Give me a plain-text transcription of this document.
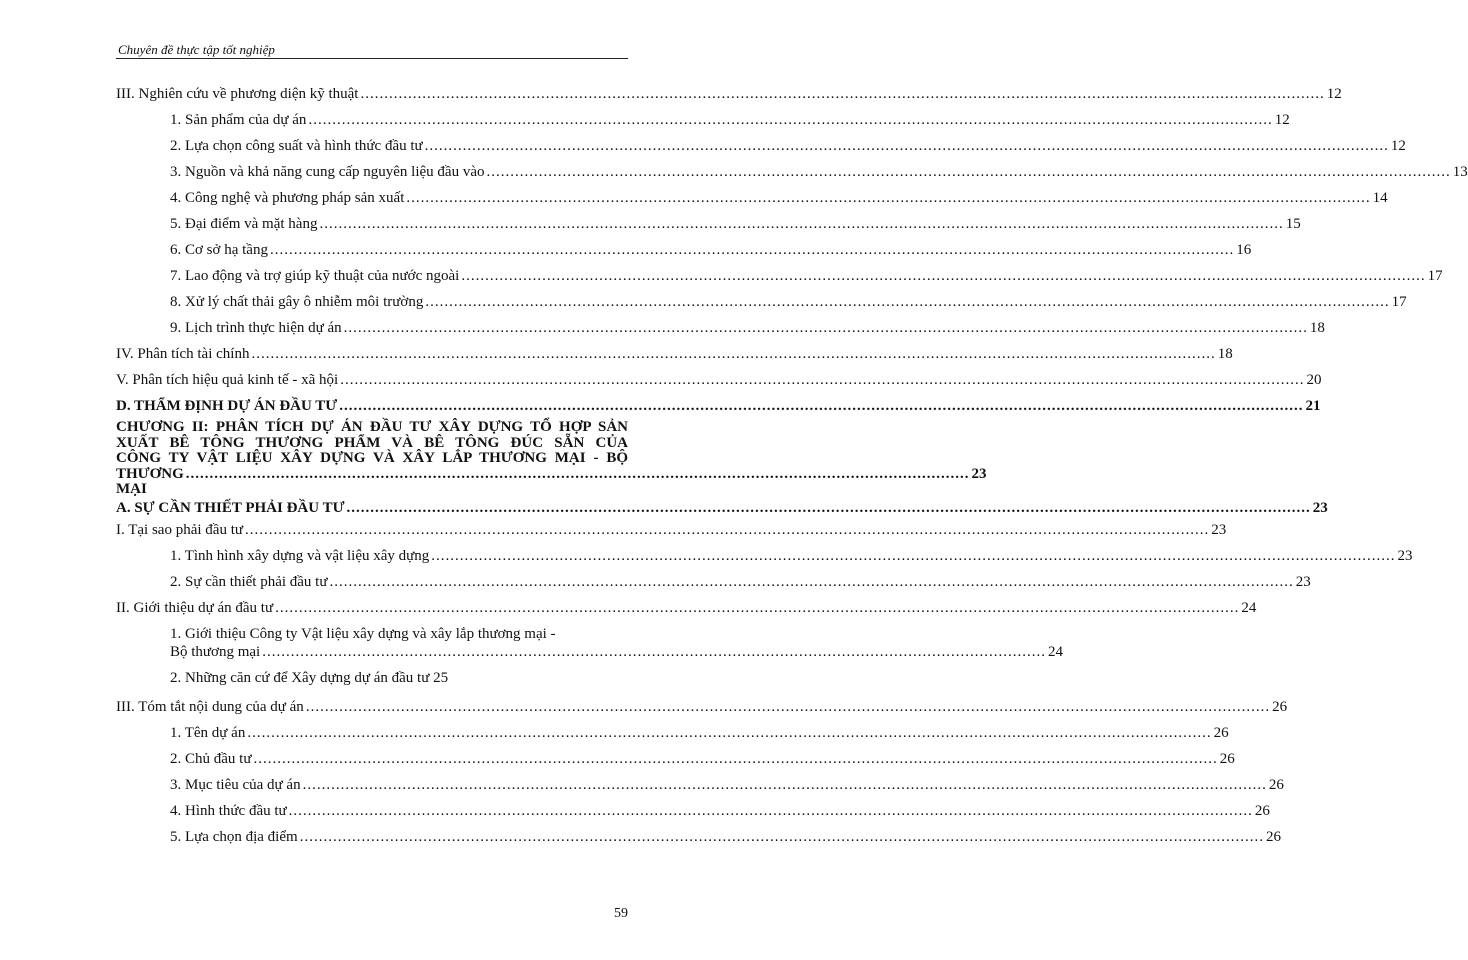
Chuyên đề thực tập tốt nghiệp
III. Nghiên cứu về phương diện kỹ thuật .....	12
1. Sản phẩm của dự án .....	12
2. Lựa chọn công suất và hình thức đầu tư .....	12
3. Nguồn và khả năng cung cấp nguyên liệu đầu vào .....	13
4. Công nghệ và phương pháp sản xuất .....	14
5. Đại điểm và mặt hàng .....	15
6. Cơ sở hạ tầng .....	16
7. Lao động và trợ giúp kỹ thuật của nước ngoài .....	17
8. Xử lý chất thải gây ô nhiễm môi trường .....	17
9. Lịch trình thực hiện dự án .....	18
IV. Phân tích tài chính .....	18
V. Phân tích hiệu quả kinh tế - xã hội .....	20
D. THẨM ĐỊNH DỰ ÁN ĐẦU TƯ .....	21
CHƯƠNG II: PHÂN TÍCH DỰ ÁN ĐẦU TƯ XÂY DỰNG TỔ HỢP SẢN
XUẤT BÊ TÔNG THƯƠNG PHẨM VÀ BÊ TÔNG ĐÚC SẴN CỦA
CÔNG TY VẬT LIỆU XÂY DỰNG VÀ XÂY LẮP THƯƠNG MẠI - BỘ
THƯƠNG MẠI
..................................................................................................................................................................... 23
A. SỰ CẦN THIẾT PHẢI ĐẦU TƯ .....	23
I. Tại sao phải đầu tư .....	23
1. Tình hình xây dựng và vật liệu xây dựng .....	23
2. Sự cần thiết phải đầu tư .....	23
II. Giới thiệu dự án đầu tư .....	24
1. Giới thiệu Công ty Vật liệu xây dựng và xây lắp thương mại -
Bộ thương mại ..................................................................................................................................................................... 24
2. Những căn cứ để Xây dựng dự án đầu tư 25
III. Tóm tắt nội dung của dự án .....	26
1. Tên dự án .....	26
2. Chủ đầu tư .....	26
3. Mục tiêu của dự án .....	26
4. Hình thức đầu tư .....	26
5. Lựa chọn địa điểm .....	26
59
